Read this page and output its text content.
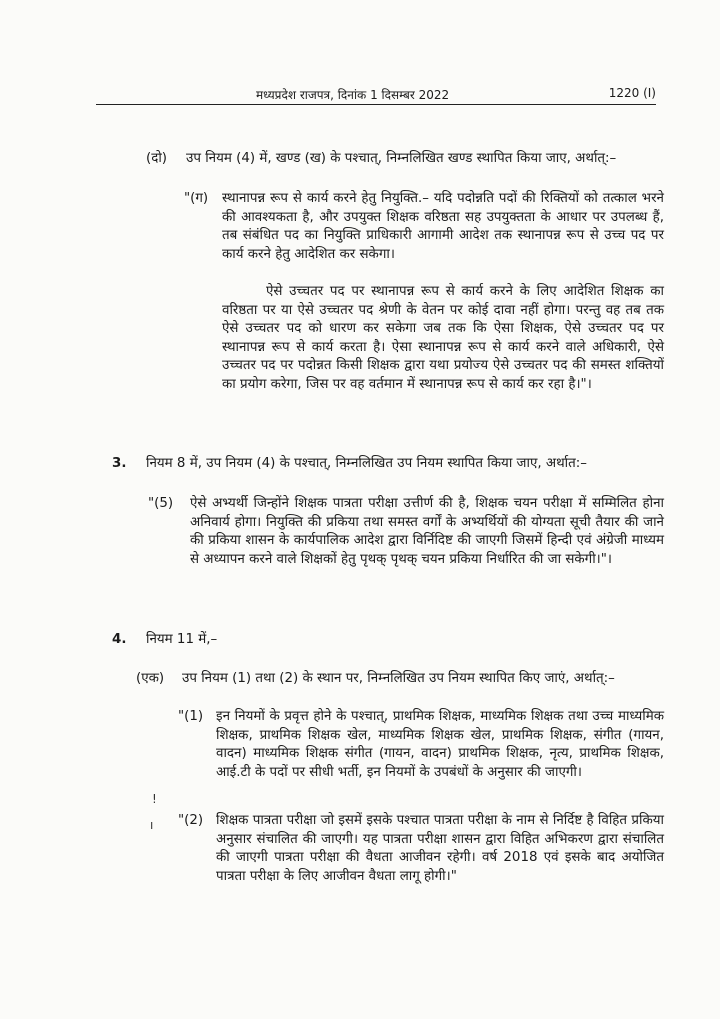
मध्यप्रदेश राजपत्र, दिनांक 1 दिसम्बर 2022	1220 (I)

(दो) उप नियम (4) में, खण्ड (ख) के पश्चात्, निम्नलिखित खण्ड स्थापित किया जाए, अर्थात्:–

"(ग) स्थानापन्न रूप से कार्य करने हेतु नियुक्ति.– यदि पदोन्नति पदों की रिक्तियों को तत्काल भरने की आवश्यकता है, और उपयुक्त शिक्षक वरिष्ठता सह उपयुक्तता के आधार पर उपलब्ध हैं, तब संबंधित पद का नियुक्ति प्राधिकारी आगामी आदेश तक स्थानापन्न रूप से उच्च पद पर कार्य करने हेतु आदेशित कर सकेगा।

ऐसे उच्चतर पद पर स्थानापन्न रूप से कार्य करने के लिए आदेशित शिक्षक का वरिष्ठता पर या ऐसे उच्चतर पद श्रेणी के वेतन पर कोई दावा नहीं होगा। परन्तु वह तब तक ऐसे उच्चतर पद को धारण कर सकेगा जब तक कि ऐसा शिक्षक, ऐसे उच्चतर पद पर स्थानापन्न रूप से कार्य करता है। ऐसा स्थानापन्न रूप से कार्य करने वाले अधिकारी, ऐसे उच्चतर पद पर पदोन्नत किसी शिक्षक द्वारा यथा प्रयोज्य ऐसे उच्चतर पद की समस्त शक्तियों का प्रयोग करेगा, जिस पर वह वर्तमान में स्थानापन्न रूप से कार्य कर रहा है।"।

3. नियम 8 में, उप नियम (4) के पश्चात्, निम्नलिखित उप नियम स्थापित किया जाए, अर्थात:–

"(5) ऐसे अभ्यर्थी जिन्होंने शिक्षक पात्रता परीक्षा उत्तीर्ण की है, शिक्षक चयन परीक्षा में सम्मिलित होना अनिवार्य होगा। नियुक्ति की प्रकिया तथा समस्त वर्गों के अभ्यर्थियों की योग्यता सूची तैयार की जाने की प्रकिया शासन के कार्यपालिक आदेश द्वारा विर्निदिष्ट की जाएगी जिसमें हिन्दी एवं अंग्रेजी माध्यम से अध्यापन करने वाले शिक्षकों हेतु पृथक् पृथक् चयन प्रकिया निर्धारित की जा सकेगी।"।

4. नियम 11 में,–

(एक) उप नियम (1) तथा (2) के स्थान पर, निम्नलिखित उप नियम स्थापित किए जाएं, अर्थात्:–

"(1) इन नियमों के प्रवृत्त होने के पश्चात्, प्राथमिक शिक्षक, माध्यमिक शिक्षक तथा उच्च माध्यमिक शिक्षक, प्राथमिक शिक्षक खेल, माध्यमिक शिक्षक खेल, प्राथमिक शिक्षक, संगीत (गायन, वादन) माध्यमिक शिक्षक संगीत (गायन, वादन) प्राथमिक शिक्षक, नृत्य, प्राथमिक शिक्षक, आई.टी के पदों पर सीधी भर्ती, इन नियमों के उपबंधों के अनुसार की जाएगी।

!
ı "(2) शिक्षक पात्रता परीक्षा जो इसमें इसके पश्चात पात्रता परीक्षा के नाम से निर्दिष्ट है विहित प्रकिया अनुसार संचालित की जाएगी। यह पात्रता परीक्षा शासन द्वारा विहित अभिकरण द्वारा संचालित की जाएगी पात्रता परीक्षा की वैधता आजीवन रहेगी। वर्ष 2018 एवं इसके बाद अयोजित पात्रता परीक्षा के लिए आजीवन वैधता लागू होगी।"
